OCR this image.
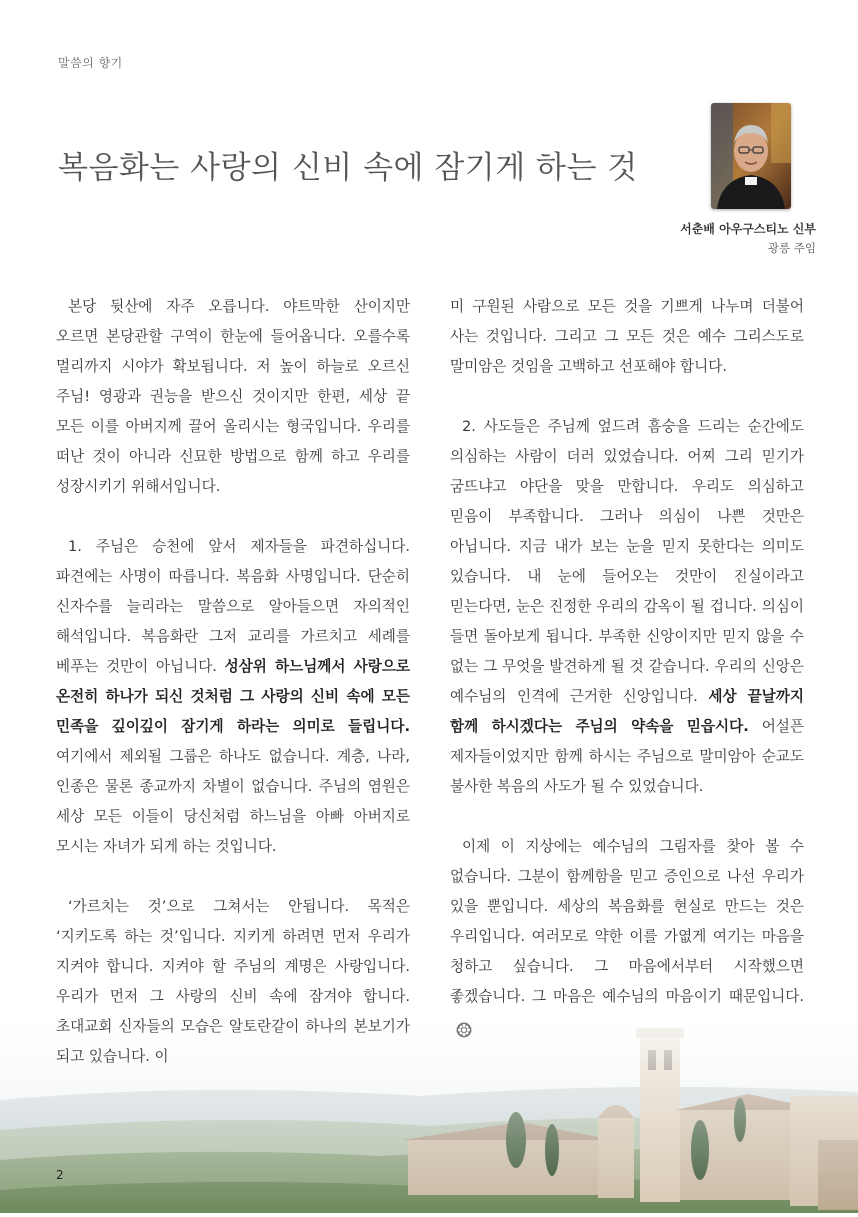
말씀의 향기
복음화는 사랑의 신비 속에 잠기게 하는 것
서춘배 아우구스티노 신부
광릉 주임

본당 뒷산에 자주 오릅니다. 야트막한 산이지만 오르면 본당관할 구역이 한눈에 들어옵니다. 오를수록 멀리까지 시야가 확보됩니다. 저 높이 하늘로 오르신 주님! 영광과 권능을 받으신 것이지만 한편, 세상 끝 모든 이를 아버지께 끌어 올리시는 형국입니다. 우리를 떠난 것이 아니라 신묘한 방법으로 함께 하고 우리를 성장시키기 위해서입니다.

1. 주님은 승천에 앞서 제자들을 파견하십니다. 파견에는 사명이 따릅니다. 복음화 사명입니다. 단순히 신자수를 늘리라는 말씀으로 알아들으면 자의적인 해석입니다. 복음화란 그저 교리를 가르치고 세례를 베푸는 것만이 아닙니다. 성삼위 하느님께서 사랑으로 온전히 하나가 되신 것처럼 그 사랑의 신비 속에 모든 민족을 깊이깊이 잠기게 하라는 의미로 들립니다. 여기에서 제외될 그룹은 하나도 없습니다. 계층, 나라, 인종은 물론 종교까지 차별이 없습니다. 주님의 염원은 세상 모든 이들이 당신처럼 하느님을 아빠 아버지로 모시는 자녀가 되게 하는 것입니다.

‘가르치는 것’으로 그쳐서는 안됩니다. 목적은 ‘지키도록 하는 것’입니다. 지키게 하려면 먼저 우리가 지켜야 합니다. 지켜야 할 주님의 계명은 사랑입니다. 우리가 먼저 그 사랑의 신비 속에 잠겨야 합니다. 초대교회 신자들의 모습은 알토란같이 하나의 본보기가 되고 있습니다. 이

미 구원된 사람으로 모든 것을 기쁘게 나누며 더불어 사는 것입니다. 그리고 그 모든 것은 예수 그리스도로 말미암은 것임을 고백하고 선포해야 합니다.

2. 사도들은 주님께 엎드려 흠숭을 드리는 순간에도 의심하는 사람이 더러 있었습니다. 어찌 그리 믿기가 굼뜨냐고 야단을 맞을 만합니다. 우리도 의심하고 믿음이 부족합니다. 그러나 의심이 나쁜 것만은 아닙니다. 지금 내가 보는 눈을 믿지 못한다는 의미도 있습니다. 내 눈에 들어오는 것만이 진실이라고 믿는다면, 눈은 진정한 우리의 감옥이 될 겁니다. 의심이 들면 돌아보게 됩니다. 부족한 신앙이지만 믿지 않을 수 없는 그 무엇을 발견하게 될 것 같습니다. 우리의 신앙은 예수님의 인격에 근거한 신앙입니다. 세상 끝날까지 함께 하시겠다는 주님의 약속을 믿읍시다. 어설픈 제자들이었지만 함께 하시는 주님으로 말미암아 순교도 불사한 복음의 사도가 될 수 있었습니다.

이제 이 지상에는 예수님의 그림자를 찾아 볼 수 없습니다. 그분이 함께함을 믿고 증인으로 나선 우리가 있을 뿐입니다. 세상의 복음화를 현실로 만드는 것은 우리입니다. 여러모로 약한 이를 가엾게 여기는 마음을 청하고 싶습니다. 그 마음에서부터 시작했으면 좋겠습니다. 그 마음은 예수님의 마음이기 때문입니다.

2
